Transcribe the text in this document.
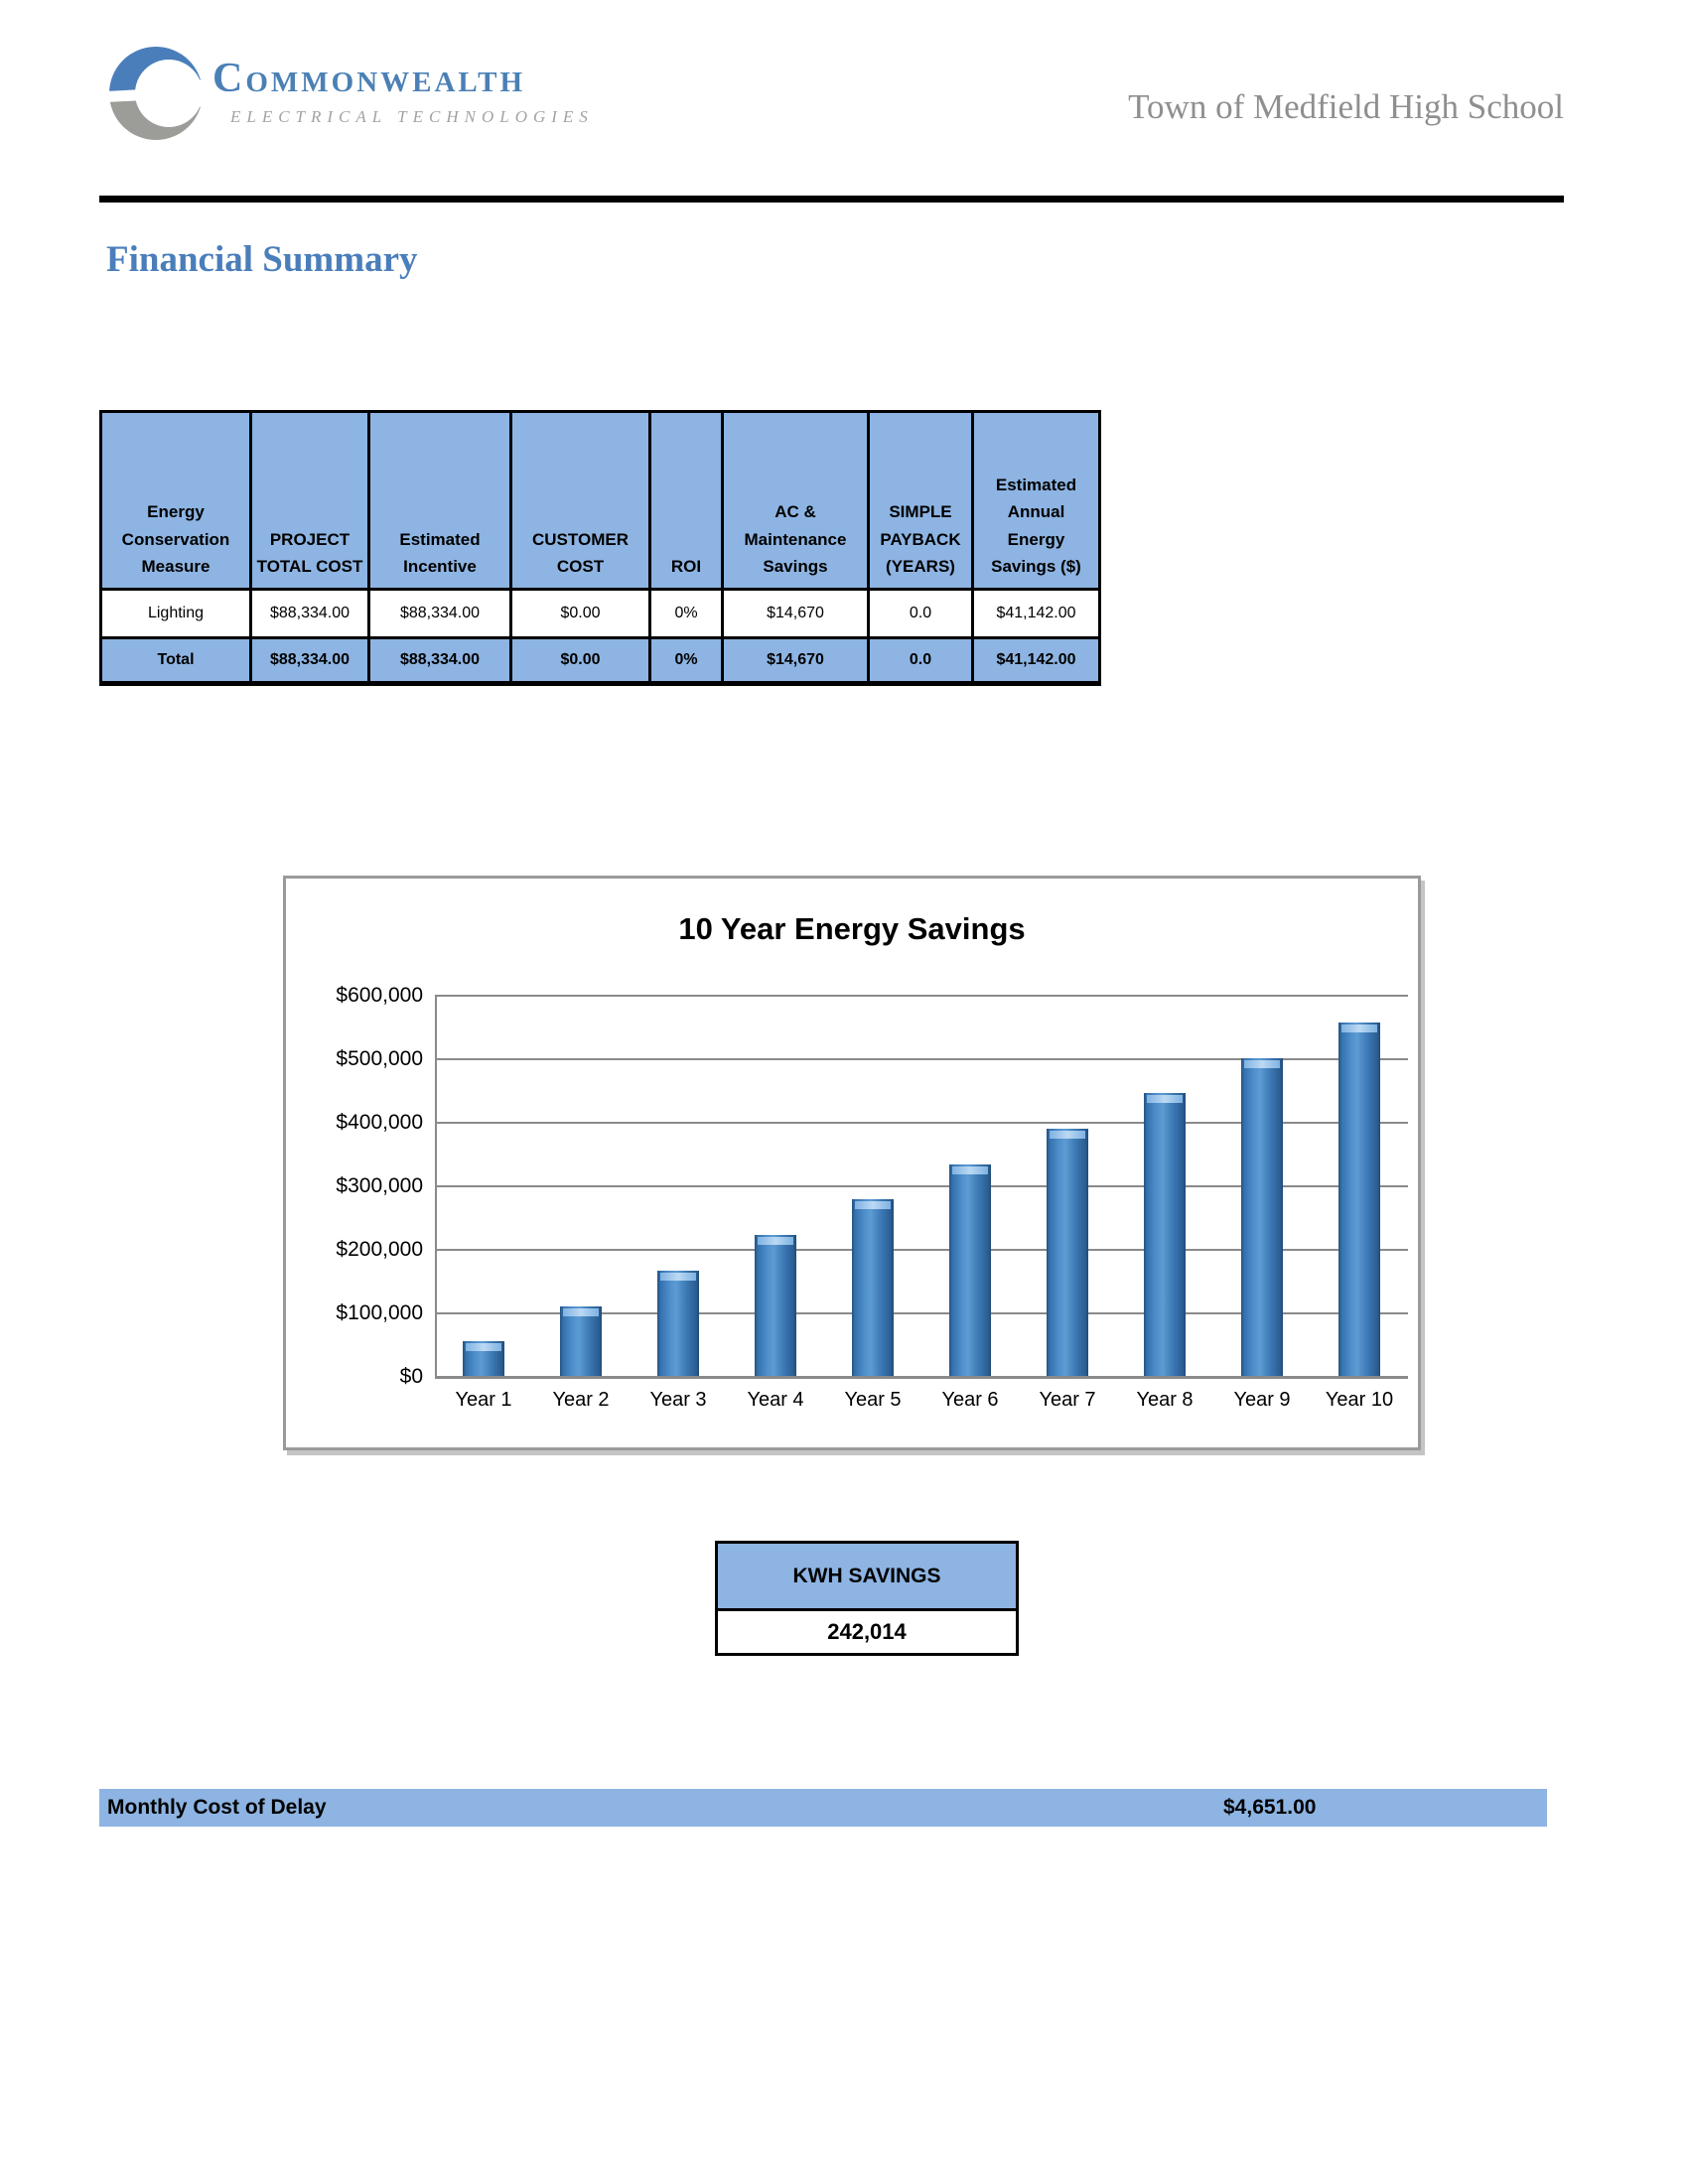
Commonwealth
ELECTRICAL TECHNOLOGIES	Town of Medfield High School
Financial Summary
Energy Conservation Measure	PROJECT TOTAL COST	Estimated Incentive	CUSTOMER COST	ROI	AC & Maintenance Savings	SIMPLE PAYBACK (YEARS)	Estimated Annual Energy Savings ($)
Lighting	$88,334.00	$88,334.00	$0.00	0%	$14,670	0.0	$41,142.00
Total	$88,334.00	$88,334.00	$0.00	0%	$14,670	0.0	$41,142.00
10 Year Energy Savings
$0
$100,000
$200,000
$300,000
$400,000
$500,000
$600,000
Year 1	Year 2	Year 3	Year 4	Year 5	Year 6	Year 7	Year 8	Year 9	Year 10
KWH SAVINGS
242,014
Monthly Cost of Delay	$4,651.00
